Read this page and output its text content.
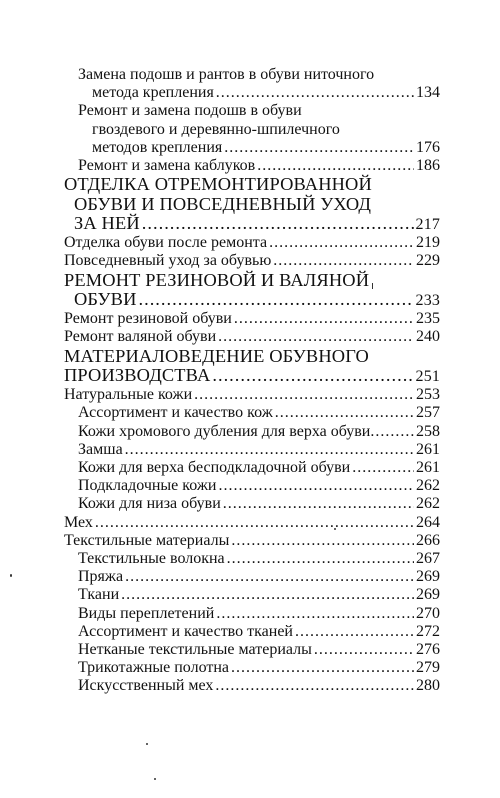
Замена подошв и рантов в обуви ниточного
метода крепления .....	134
Ремонт и замена подошв в обуви
гвоздевого и деревянно-шпилечного
методов крепления .....	176
Ремонт и замена каблуков .....	186
ОТДЕЛКА ОТРЕМОНТИРОВАННОЙ
ОБУВИ И ПОВСЕДНЕВНЫЙ УХОД
ЗА НЕЙ .....	217
Отделка обуви после ремонта .....	219
Повседневный уход за обувью .....	229
РЕМОНТ РЕЗИНОВОЙ И ВАЛЯНОЙ
ОБУВИ .....	233
Ремонт резиновой обуви .....	235
Ремонт валяной обуви .....	240
МАТЕРИАЛОВЕДЕНИЕ ОБУВНОГО
ПРОИЗВОДСТВА .....	251
Натуральные кожи .....	253
Ассортимент и качество кож .....	257
Кожи хромового дубления для верха обуви .....	258
Замша .....	261
Кожи для верха бесподкладочной обуви .....	261
Подкладочные кожи .....	262
Кожи для низа обуви .....	262
Мех .....	264
Текстильные материалы .....	266
Текстильные волокна .....	267
Пряжа .....	269
Ткани .....	269
Виды переплетений .....	270
Ассортимент и качество тканей .....	272
Нетканые текстильные материалы .....	276
Трикотажные полотна .....	279
Искусственный мех .....	280
